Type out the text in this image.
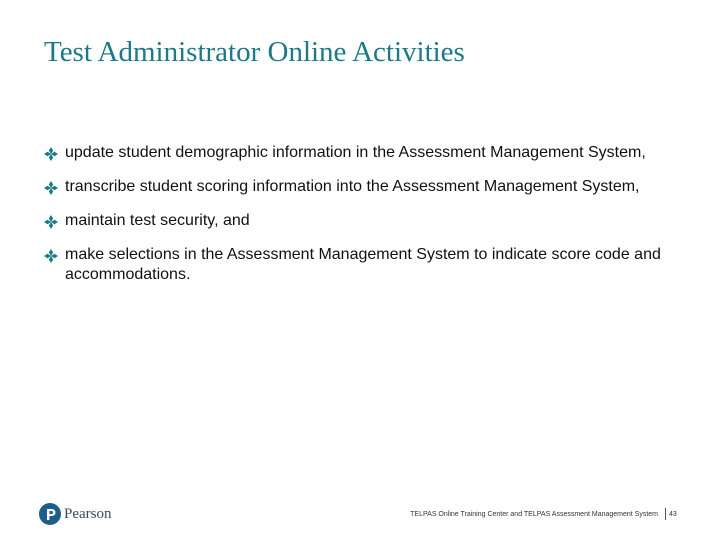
Test Administrator Online Activities
update student demographic information in the Assessment Management System,
transcribe student scoring information into the Assessment Management System,
maintain test security, and
make selections in the Assessment Management System to indicate score code and accommodations.
Pearson	TELPAS Online Training Center and TELPAS Assessment Management System 43
